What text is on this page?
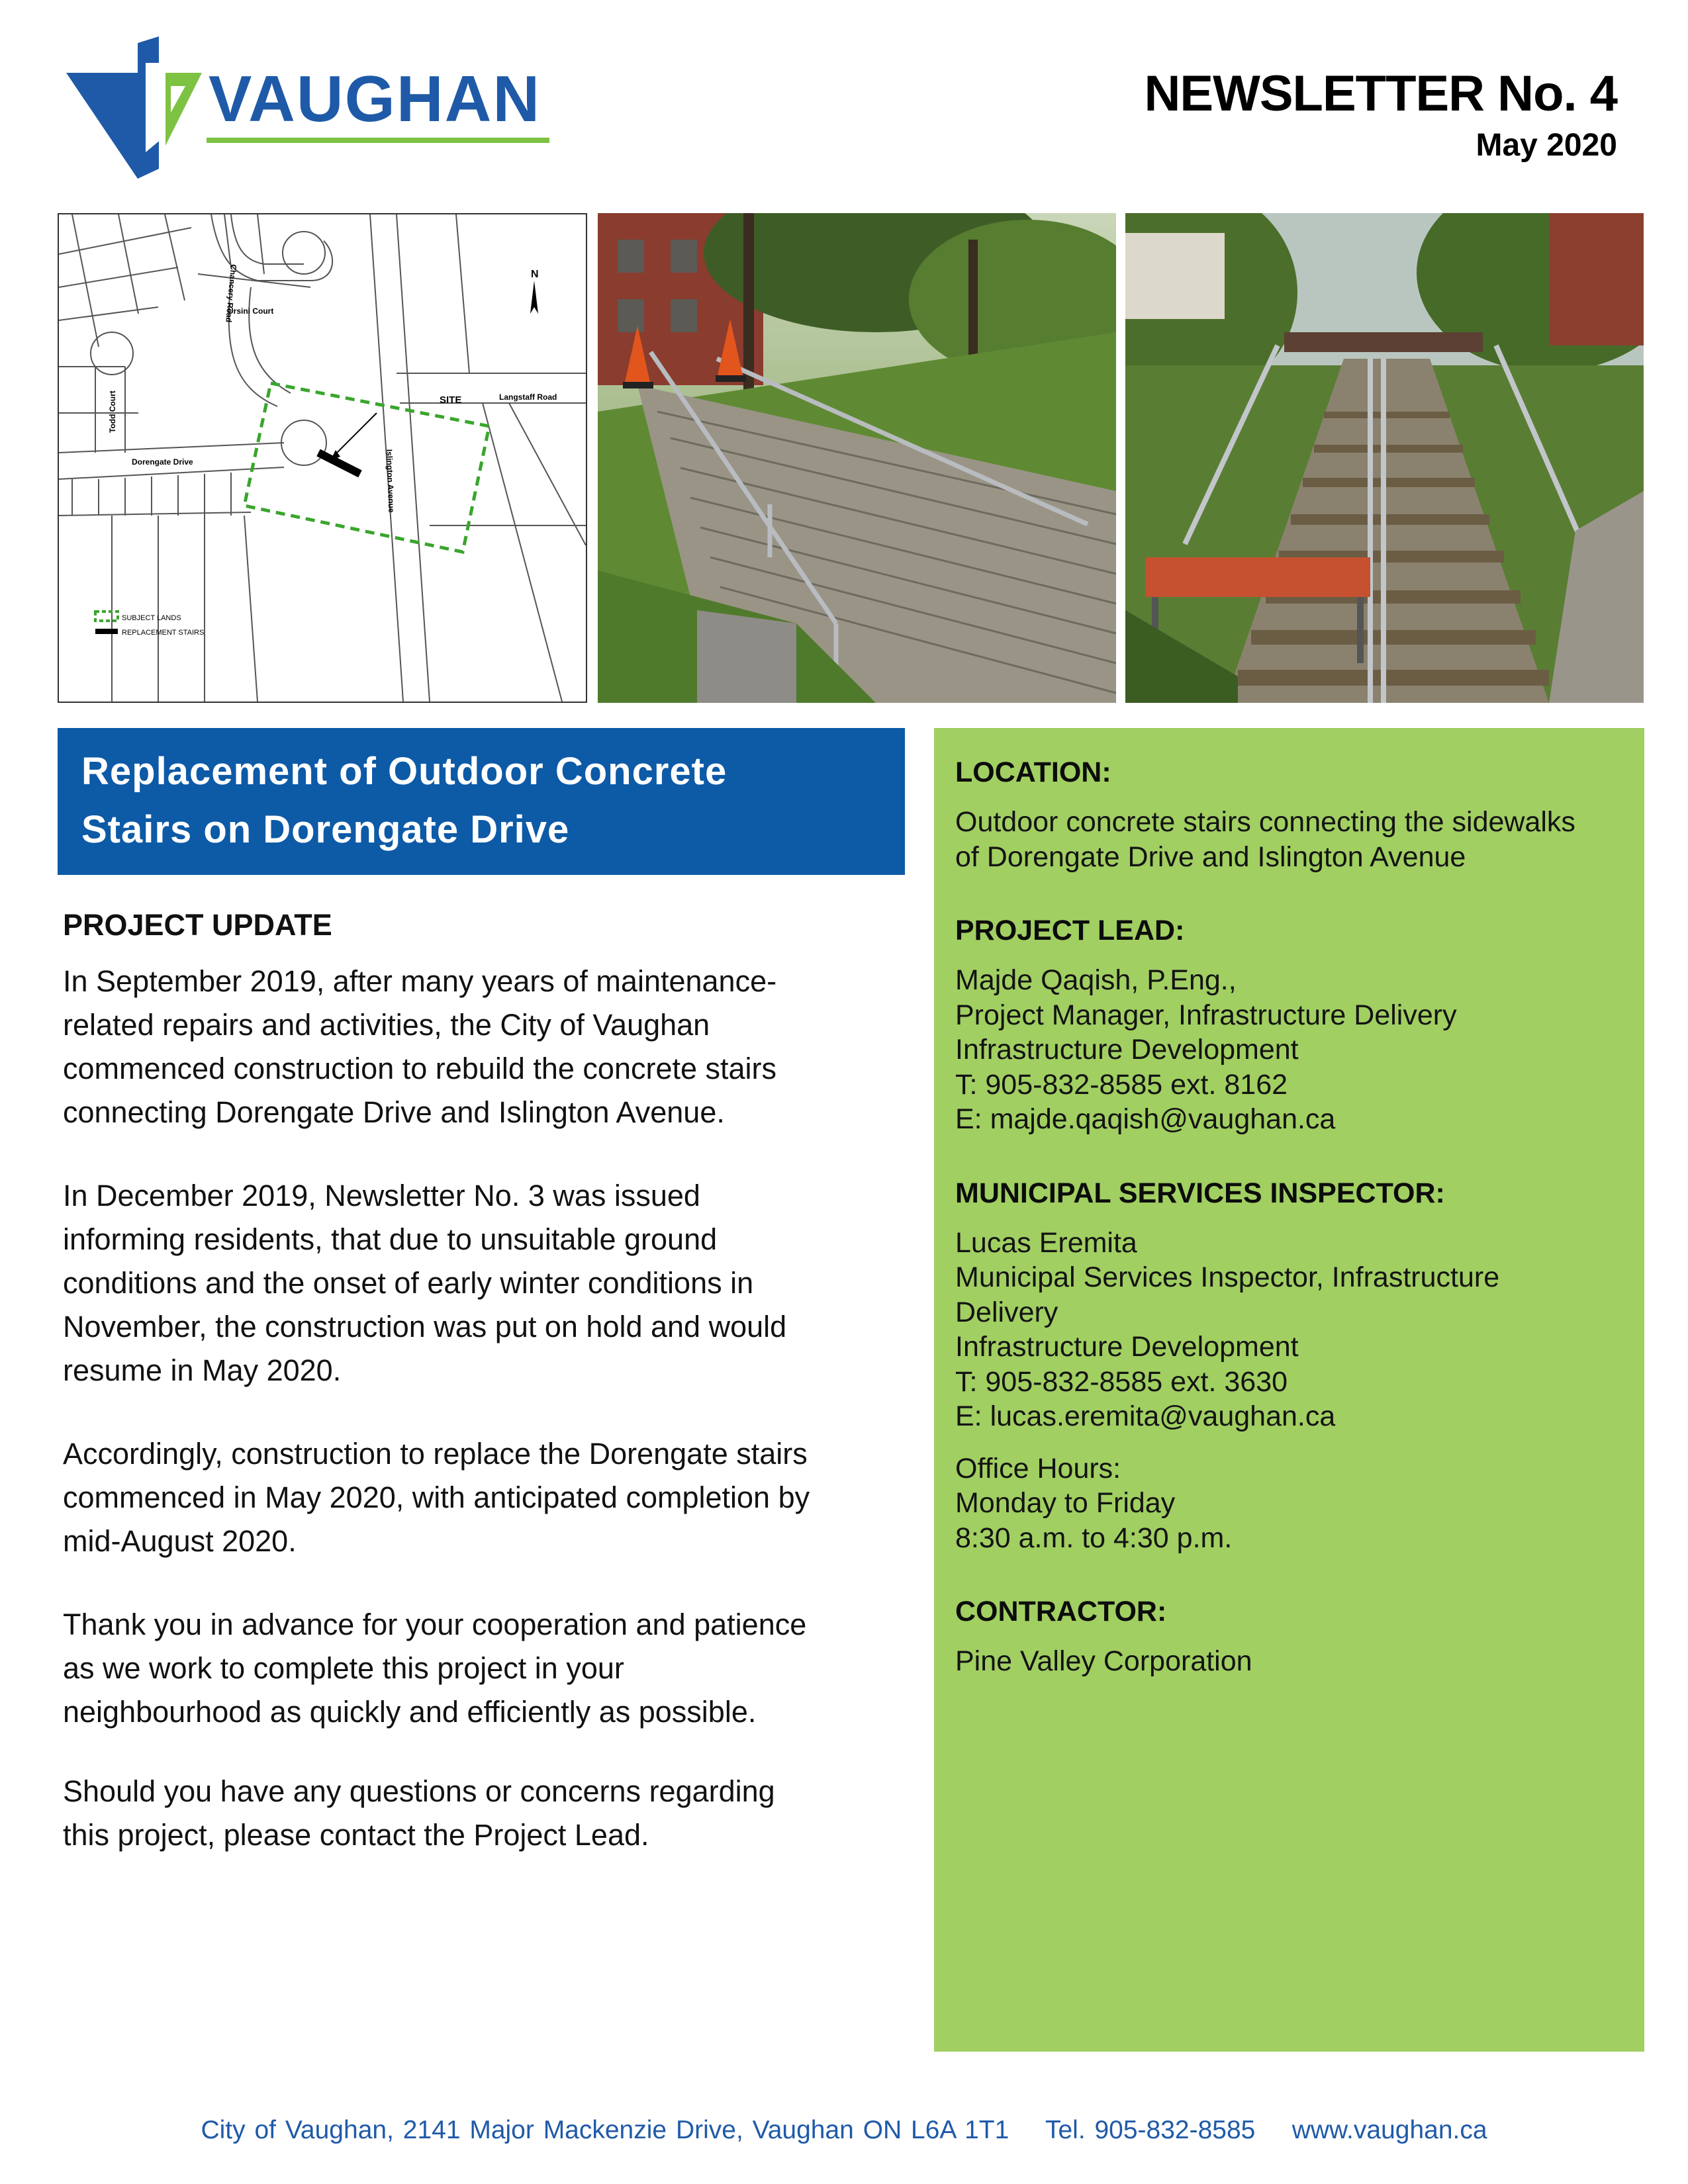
VAUGHAN	NEWSLETTER No. 4
May 2020
N
Ursini Court
Chancery Road
Todd Court
Dorengate Drive
Langstaff Road
Islington Avenue
SITE
SUBJECT LANDS
REPLACEMENT STAIRS
Replacement of Outdoor Concrete
Stairs on Dorengate Drive
PROJECT UPDATE
In September 2019, after many years of maintenance-
related repairs and activities, the City of Vaughan
commenced construction to rebuild the concrete stairs
connecting Dorengate Drive and Islington Avenue.
In December 2019, Newsletter No. 3 was issued
informing residents, that due to unsuitable ground
conditions and the onset of early winter conditions in
November, the construction was put on hold and would
resume in May 2020.
Accordingly, construction to replace the Dorengate stairs
commenced in May 2020, with anticipated completion by
mid-August 2020.
Thank you in advance for your cooperation and patience
as we work to complete this project in your
neighbourhood as quickly and efficiently as possible.
Should you have any questions or concerns regarding
this project, please contact the Project Lead.
LOCATION:
Outdoor concrete stairs connecting the sidewalks
of Dorengate Drive and Islington Avenue
PROJECT LEAD:
Majde Qaqish, P.Eng.,
Project Manager, Infrastructure Delivery
Infrastructure Development
T: 905-832-8585 ext. 8162
E: majde.qaqish@vaughan.ca
MUNICIPAL SERVICES INSPECTOR:
Lucas Eremita
Municipal Services Inspector, Infrastructure
Delivery
Infrastructure Development
T: 905-832-8585 ext. 3630
E: lucas.eremita@vaughan.ca
Office Hours:
Monday to Friday
8:30 a.m. to 4:30 p.m.
CONTRACTOR:
Pine Valley Corporation
City of Vaughan, 2141 Major Mackenzie Drive, Vaughan ON L6A 1T1    Tel. 905-832-8585    www.vaughan.ca
